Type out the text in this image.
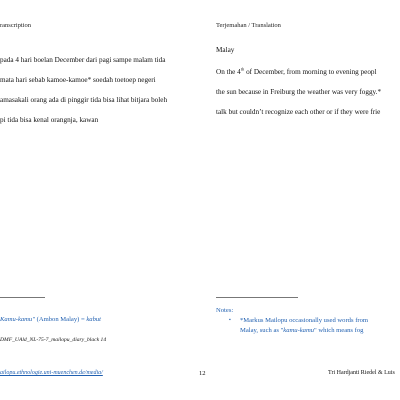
ranscription	Terjemahan / Translation
pada 4 hari boelan December dari pagi sampe malam tida
mata hari sebab kamoe-kamoe* soedah toetoep negeri
amasakali orang ada di pinggir tida bisa lihat bitjara boleh
pi tida bisa kenal orangnja, kawan
Malay
On the 4th of December, from morning to evening peopl
the sun because in Freiburg the weather was very foggy.*
talk but couldn’t recognize each other or if they were frie
Kamu-kamu" (Ambon Malay) = kabut
DMF_UAld_NL-75-7_mailopu_diary_black 14
Notes:
▪ *Markus Mailopu occasionally used words from
Malay, such as "kamu-kamu" which means fog
ailopu.ethnologie.uni-muenchen.de/media/	12	Tri Hardjanti Riedel & Luis
